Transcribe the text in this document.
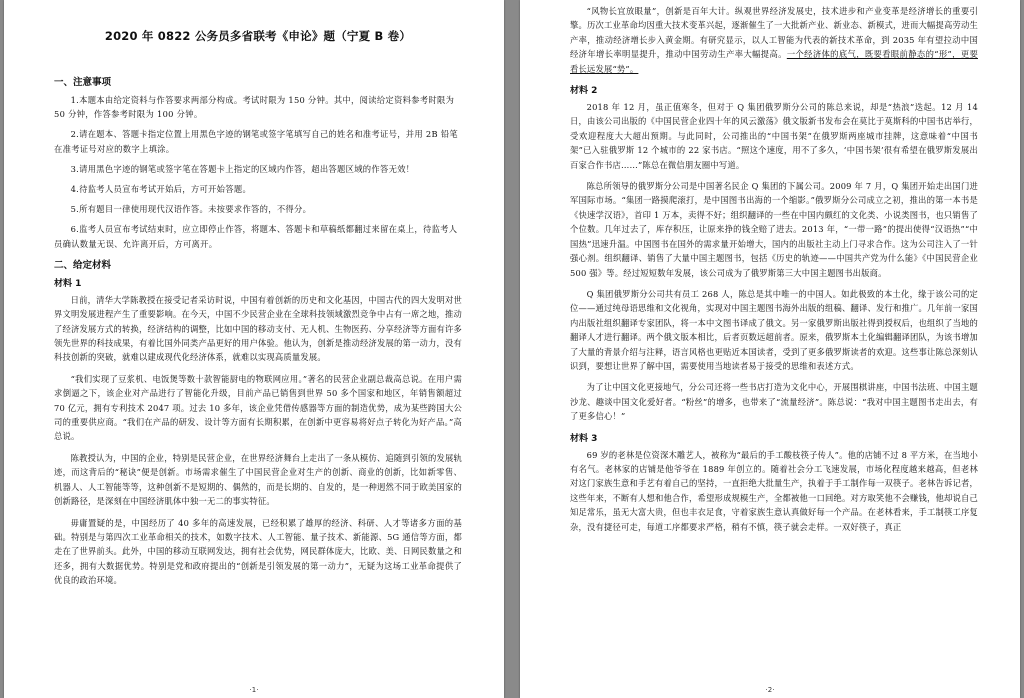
2020 年 0822 公务员多省联考《申论》题（宁夏 B 卷）
一、注意事项
1.本题本由给定资料与作答要求两部分构成。考试时限为 150 分钟。其中，阅读给定资料参考时限为 50 分钟，作答参考时限为 100 分钟。
2.请在题本、答题卡指定位置上用黑色字迹的钢笔或签字笔填写自己的姓名和准考证号，并用 2B 铅笔在准考证号对应的数字上填涂。
3.请用黑色字迹的钢笔或签字笔在答题卡上指定的区域内作答，超出答题区域的作答无效！
4.待监考人员宣布考试开始后，方可开始答题。
5.所有题目一律使用现代汉语作答。未按要求作答的，不得分。
6.监考人员宣布考试结束时，应立即停止作答，将题本、答题卡和草稿纸都翻过来留在桌上，待监考人员确认数量无误、允许离开后，方可离开。
二、给定材料
材料 1
日前，清华大学陈教授在接受记者采访时说，中国有着创新的历史和文化基因，中国古代的四大发明对世界文明发展进程产生了重要影响。在今天，中国不少民营企业在全球科技领域激烈竞争中占有一席之地，推动了经济发展方式的转换，经济结构的调整，比如中国的移动支付、无人机、生物医药、分享经济等方面有许多领先世界的科技成果，有着比国外同类产品更好的用户体验。他认为，创新是推动经济发展的第一动力，没有科技创新的突破，就难以建成现代化经济体系，就难以实现高质量发展。
“我们实现了豆浆机、电饭煲等数十款智能厨电的物联网应用。”著名的民营企业副总裁高总说。在用户需求倒逼之下，该企业对产品进行了智能化升级，目前产品已销售到世界 50 多个国家和地区，年销售额超过 70 亿元，拥有专利技术 2047 项。过去 10 多年，该企业凭借传感器等方面的制造优势，成为某些跨国大公司的重要供应商。“我们在产品的研发、设计等方面有长期积累，在创新中更容易将好点子转化为好产品。”高总说。
陈教授认为，中国的企业，特别是民营企业，在世界经济舞台上走出了一条从模仿、追随到引领的发展轨迹，而这背后的“秘诀”便是创新。市场需求催生了中国民营企业对生产的创新、商业的创新，比如新零售、机器人、人工智能等等，这种创新不是短期的、偶然的，而是长期的、自发的，是一种迥然不同于欧美国家的创新路径，是深刻在中国经济肌体中独一无二的事实特征。
毋庸置疑的是，中国经历了 40 多年的高速发展，已经积累了雄厚的经济、科研、人才等诸多方面的基础。特别是与第四次工业革命相关的技术，如数字技术、人工智能、量子技术、新能源、5G 通信等方面，都走在了世界前头。此外，中国的移动互联网发达，拥有社会优势，网民群体庞大，比欧、美、日网民数量之和还多，拥有大数据优势。特别是党和政府提出的“创新是引领发展的第一动力”，无疑为这场工业革命提供了优良的政治环境。
·1·
“风物长宜放眼量”，创新是百年大计。纵观世界经济发展史，技术进步和产业变革是经济增长的重要引擎。历次工业革命均因重大技术变革兴起，逐渐催生了一大批新产业、新业态、新模式，进而大幅提高劳动生产率，推动经济增长步入黄金期。有研究显示，以人工智能为代表的新技术革命，到 2035 年有望拉动中国经济年增长率明显提升，推动中国劳动生产率大幅提高。一个经济体的底气，既要看眼前静态的“形”，更要看长远发展“势”。
材料 2
2018 年 12 月，虽正值寒冬，但对于 Q 集团俄罗斯分公司的陈总来说，却是“热浪”迭起。12 月 14 日，由该公司出版的《中国民营企业四十年的风云激荡》俄文版新书发布会在莫比于莫斯科的中国书店举行，受欢迎程度大大超出预期。与此同时，公司推出的“中国书架”在俄罗斯两座城市挂牌，这意味着“中国书架”已入驻俄罗斯 12 个城市的 22 家书店。“照这个速度，用不了多久，‘中国书架’很有希望在俄罗斯发展出百家合作书店……”陈总在微信朋友圈中写道。
陈总所领导的俄罗斯分公司是中国著名民企 Q 集团的下属公司。2009 年 7 月，Q 集团开始走出国门进军国际市场。“集团一路摸爬滚打，是中国图书出海的一个缩影。”俄罗斯分公司成立之初，推出的第一本书是《快速学汉语》，首印 1 万本，卖得不好；组织翻译的一些在中国内颇红的文化类、小说类图书，也只销售了个位数。几年过去了，库存积压，让原来挣的钱全赔了进去。2013 年，“一带一路”的提出使得“汉语热”“中国热”迅速升温。中国图书在国外的需求量开始增大，国内的出版社主动上门寻求合作。这为公司注入了一针强心剂。组织翻译、销售了大量中国主题图书，包括《历史的轨迹——中国共产党为什么能》《中国民营企业 500 强》等。经过短短数年发展，该公司成为了俄罗斯第三大中国主题图书出版商。
Q 集团俄罗斯分公司共有员工 268 人，陈总是其中唯一的中国人。如此极致的本土化，缘于该公司的定位——通过纯母语思维和文化视角，实现对中国主题图书海外出版的组稿、翻译、发行和推广。几年前一家国内出版社组织翻译专家团队，将一本中文图书译成了俄文。另一家俄罗斯出版社得到授权后，也组织了当地的翻译人才进行翻译。两个俄文版本相比，后者页数远超前者。原来，俄罗斯本土化编辑翻译团队，为该书增加了大量的背景介绍与注释，语言风格也更贴近本国读者，受到了更多俄罗斯读者的欢迎。这些事让陈总深刻认识到，要想让世界了解中国，需要使用当地读者易于接受的思维和表述方式。
为了让中国文化更接地气，分公司还将一些书店打造为文化中心，开展围棋讲座，中国书法班、中国主题沙龙、趣谈中国文化爱好者。“粉丝”的增多，也带来了“流量经济”。陈总说：“我对中国主题图书走出去，有了更多信心！”
材料 3
69 岁的老林是位资深木雕艺人，被称为“最后的手工酸枝筷子传人”。他的店铺不过 8 平方米，在当地小有名气。老林家的店铺是他爷爷在 1889 年创立的。随着社会分工飞速发展，市场化程度越来越高，但老林对这门家族生意和手艺有着自己的坚持，一直拒绝大批量生产，执着于手工制作每一双筷子。老林告诉记者，这些年来，不断有人想和他合作，希望形成规模生产，全都被他一口回绝。对方取笑他不会赚钱，他却说自己知足常乐，虽无大富大贵，但也丰衣足食，守着家族生意认真做好每一个产品。在老林看来，手工制筷工序复杂，没有捷径可走，每道工序都要求严格，稍有不慎，筷子就会走样。一双好筷子，真正
·2·
